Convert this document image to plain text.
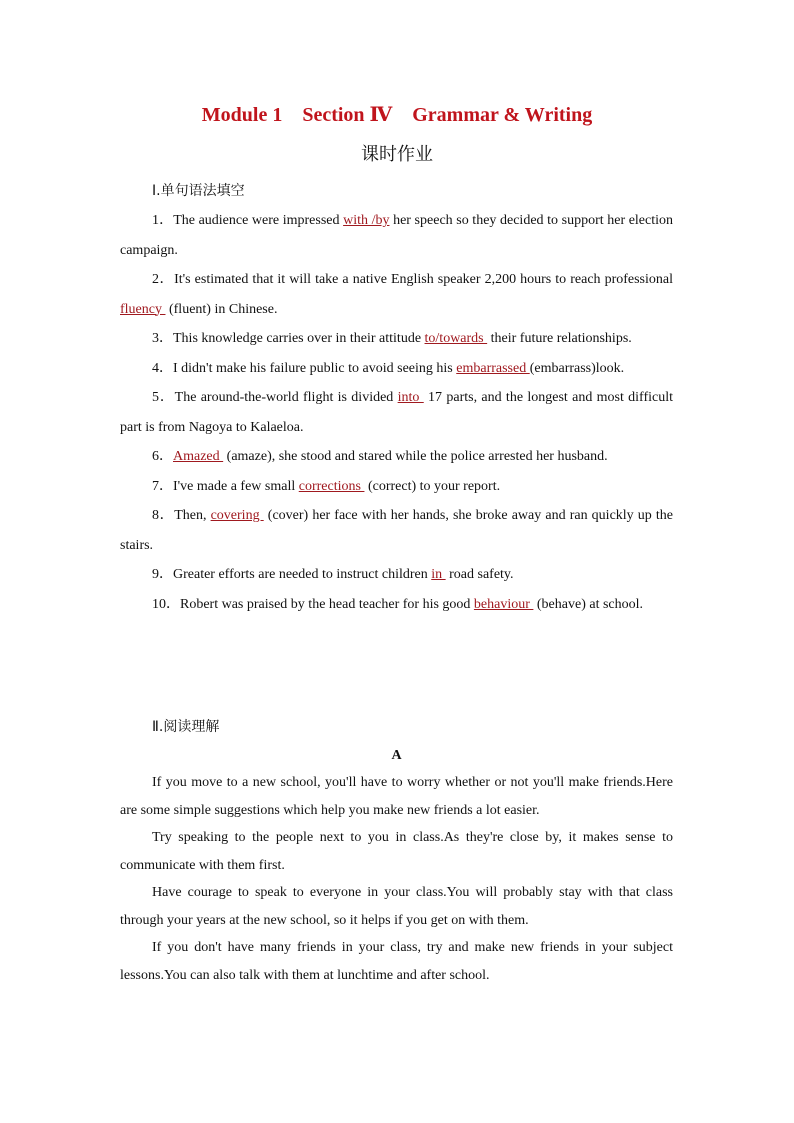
Module 1　Section Ⅳ　Grammar & Writing
课时作业
Ⅰ.单句语法填空

1．The audience were impressed with /by her speech so they decided to support her election campaign.

2．It's estimated that it will take a native English speaker 2,200 hours to reach professional fluency  (fluent) in Chinese.

3．This knowledge carries over in their attitude to/towards  their future relationships.

4．I didn't make his failure public to avoid seeing his embarrassed (embarrass)look.

5．The around-the-world flight is divided into  17 parts, and the longest and most difficult part is from Nagoya to Kalaeloa.

6．Amazed  (amaze), she stood and stared while the police arrested her husband.

7．I've made a few small corrections  (correct) to your report.

8．Then, covering  (cover) her face with her hands, she broke away and ran quickly up the stairs.

9．Greater efforts are needed to instruct children in  road safety.

10．Robert was praised by the head teacher for his good behaviour  (behave) at school.

Ⅱ.阅读理解

A

If you move to a new school, you'll have to worry whether or not you'll make friends.Here are some simple suggestions which help you make new friends a lot easier.

Try speaking to the people next to you in class.As they're close by, it makes sense to communicate with them first.

Have courage to speak to everyone in your class.You will probably stay with that class through your years at the new school, so it helps if you get on with them.

If you don't have many friends in your class, try and make new friends in your subject lessons.You can also talk with them at lunchtime and after school.
